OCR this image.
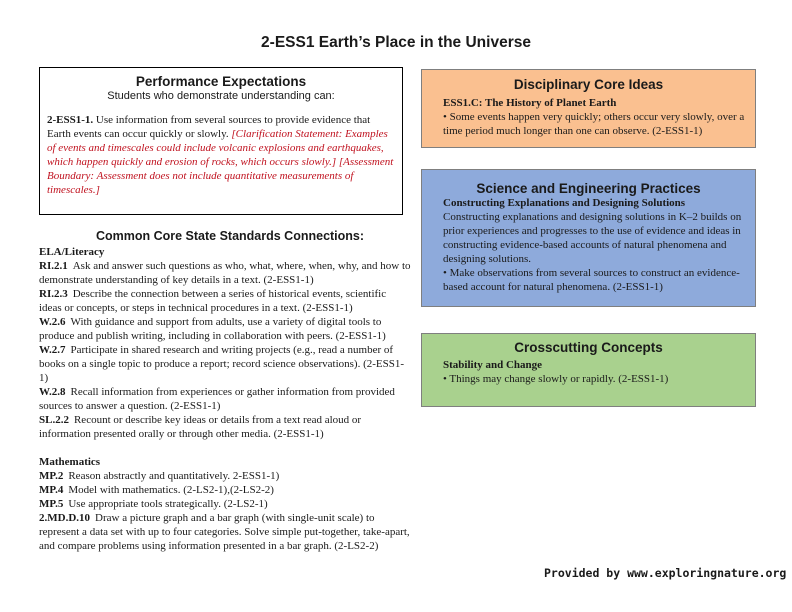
2-ESS1 Earth’s Place in the Universe
Performance Expectations
Students who demonstrate understanding can:
2-ESS1-1. Use information from several sources to provide evidence that Earth events can occur quickly or slowly. [Clarification Statement: Examples of events and timescales could include volcanic explosions and earthquakes, which happen quickly and erosion of rocks, which occurs slowly.] [Assessment Boundary: Assessment does not include quantitative measurements of timescales.]
Disciplinary Core Ideas
ESS1.C: The History of Planet Earth
• Some events happen very quickly; others occur very slowly, over a time period much longer than one can observe. (2-ESS1-1)
Science and Engineering Practices
Constructing Explanations and Designing Solutions
Constructing explanations and designing solutions in K–2 builds on prior experiences and progresses to the use of evidence and ideas in constructing evidence-based accounts of natural phenomena and designing solutions.
• Make observations from several sources to construct an evidence-based account for natural phenomena. (2-ESS1-1)
Crosscutting Concepts
Stability and Change
• Things may change slowly or rapidly. (2-ESS1-1)
Common Core State Standards Connections:
ELA/Literacy
RI.2.1 Ask and answer such questions as who, what, where, when, why, and how to demonstrate understanding of key details in a text. (2-ESS1-1)
RI.2.3 Describe the connection between a series of historical events, scientific ideas or concepts, or steps in technical procedures in a text. (2-ESS1-1)
W.2.6 With guidance and support from adults, use a variety of digital tools to produce and publish writing, including in collaboration with peers. (2-ESS1-1)
W.2.7 Participate in shared research and writing projects (e.g., read a number of books on a single topic to produce a report; record science observations). (2-ESS1-1)
W.2.8 Recall information from experiences or gather information from provided sources to answer a question. (2-ESS1-1)
SL.2.2 Recount or describe key ideas or details from a text read aloud or information presented orally or through other media. (2-ESS1-1)
Mathematics
MP.2 Reason abstractly and quantitatively. 2-ESS1-1)
MP.4 Model with mathematics. (2-LS2-1),(2-LS2-2)
MP.5 Use appropriate tools strategically. (2-LS2-1)
2.MD.D.10 Draw a picture graph and a bar graph (with single-unit scale) to represent a data set with up to four categories. Solve simple put-together, take-apart, and compare problems using information presented in a bar graph. (2-LS2-2)
Provided by www.exploringnature.org
